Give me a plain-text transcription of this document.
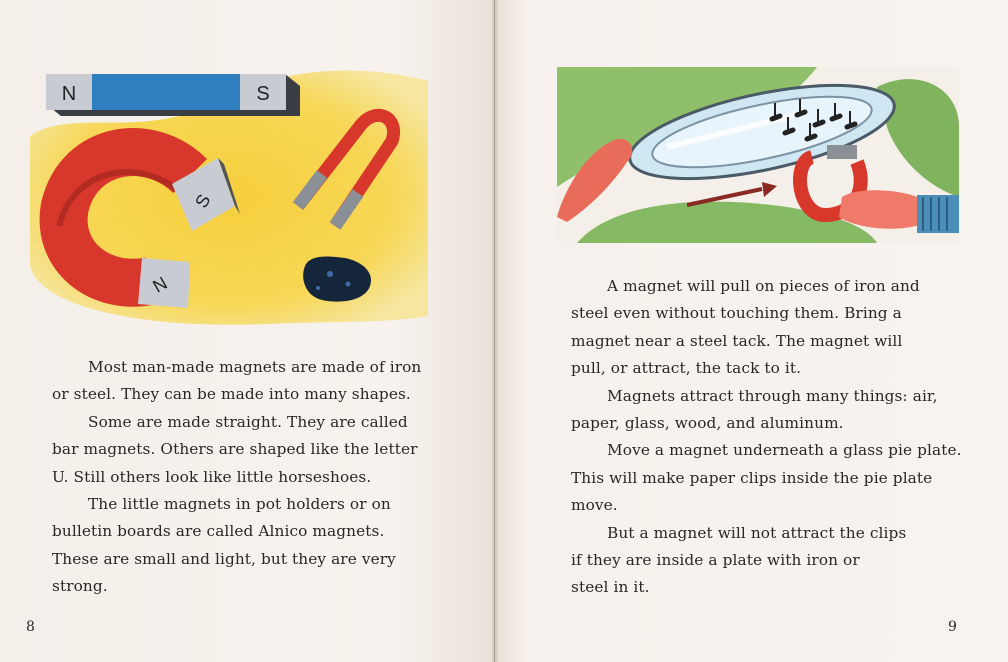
N	S
S
N
Most man-made magnets are made of iron
or steel. They can be made into many shapes.
Some are made straight. They are called
bar magnets. Others are shaped like the letter
U. Still others look like little horseshoes.
The little magnets in pot holders or on
bulletin boards are called Alnico magnets.
These are small and light, but they are very
strong.
A magnet will pull on pieces of iron and
steel even without touching them. Bring a
magnet near a steel tack. The magnet will
pull, or attract, the tack to it.
Magnets attract through many things: air,
paper, glass, wood, and aluminum.
Move a magnet underneath a glass pie plate.
This will make paper clips inside the pie plate
move.
But a magnet will not attract the clips
if they are inside a plate with iron or
steel in it.
8	9
